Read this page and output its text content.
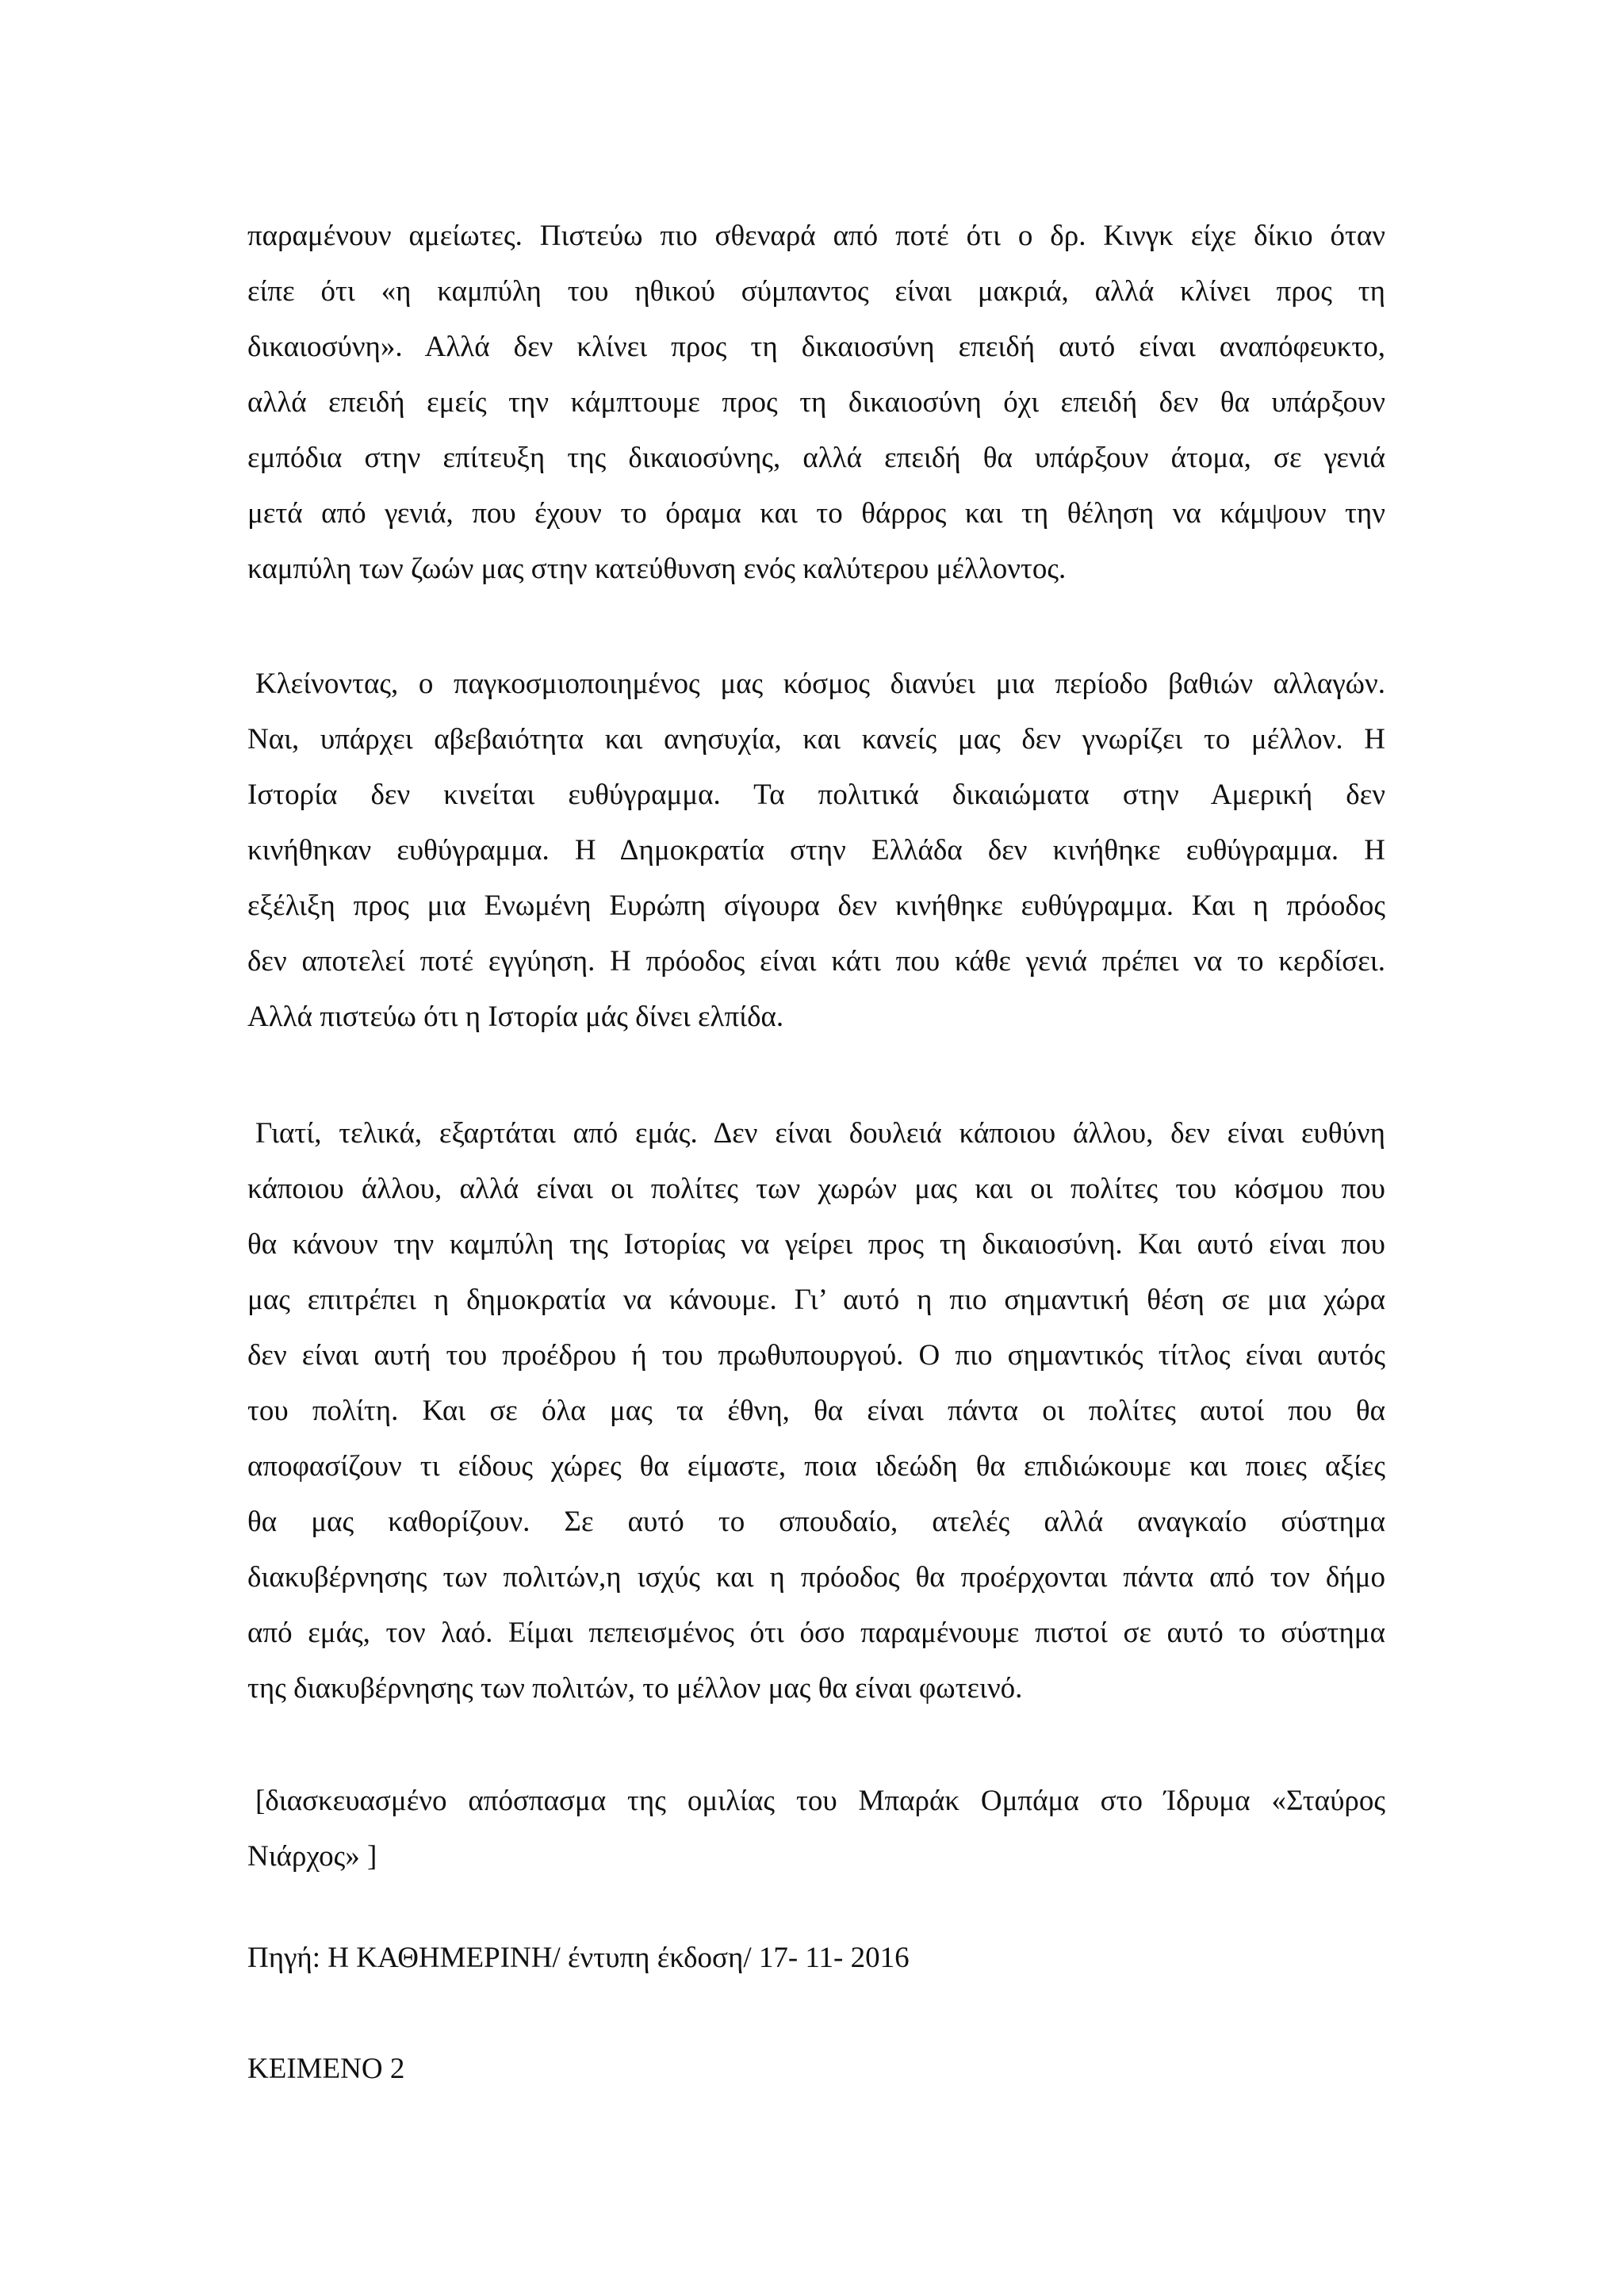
παραμένουν αμείωτες. Πιστεύω πιο σθεναρά από ποτέ ότι ο δρ. Κινγκ είχε δίκιο όταν
είπε ότι «η καμπύλη του ηθικού σύμπαντος είναι μακριά, αλλά κλίνει προς τη
δικαιοσύνη». Αλλά δεν κλίνει προς τη δικαιοσύνη επειδή αυτό είναι αναπόφευκτο,
αλλά επειδή εμείς την κάμπτουμε προς τη δικαιοσύνη όχι επειδή δεν θα υπάρξουν
εμπόδια στην επίτευξη της δικαιοσύνης, αλλά επειδή θα υπάρξουν άτομα, σε γενιά
μετά από γενιά, που έχουν το όραμα και το θάρρος και τη θέληση να κάμψουν την
καμπύλη των ζωών μας στην κατεύθυνση ενός καλύτερου μέλλοντος.
Κλείνοντας, ο παγκοσμιοποιημένος μας κόσμος διανύει μια περίοδο βαθιών αλλαγών.
Ναι, υπάρχει αβεβαιότητα και ανησυχία, και κανείς μας δεν γνωρίζει το μέλλον. Η
Ιστορία δεν κινείται ευθύγραμμα. Τα πολιτικά δικαιώματα στην Αμερική δεν
κινήθηκαν ευθύγραμμα. Η Δημοκρατία στην Ελλάδα δεν κινήθηκε ευθύγραμμα. Η
εξέλιξη προς μια Ενωμένη Ευρώπη σίγουρα δεν κινήθηκε ευθύγραμμα. Και η πρόοδος
δεν αποτελεί ποτέ εγγύηση. Η πρόοδος είναι κάτι που κάθε γενιά πρέπει να το κερδίσει.
Αλλά πιστεύω ότι η Ιστορία μάς δίνει ελπίδα.
Γιατί, τελικά, εξαρτάται από εμάς. Δεν είναι δουλειά κάποιου άλλου, δεν είναι ευθύνη
κάποιου άλλου, αλλά είναι οι πολίτες των χωρών μας και οι πολίτες του κόσμου που
θα κάνουν την καμπύλη της Ιστορίας να γείρει προς τη δικαιοσύνη. Και αυτό είναι που
μας επιτρέπει η δημοκρατία να κάνουμε. Γι’ αυτό η πιο σημαντική θέση σε μια χώρα
δεν είναι αυτή του προέδρου ή του πρωθυπουργού. Ο πιο σημαντικός τίτλος είναι αυτός
του πολίτη. Και σε όλα μας τα έθνη, θα είναι πάντα οι πολίτες αυτοί που θα
αποφασίζουν τι είδους χώρες θα είμαστε, ποια ιδεώδη θα επιδιώκουμε και ποιες αξίες
θα μας καθορίζουν. Σε αυτό το σπουδαίο, ατελές αλλά αναγκαίο σύστημα
διακυβέρνησης των πολιτών,η ισχύς και η πρόοδος θα προέρχονται πάντα από τον δήμο
από εμάς, τον λαό. Είμαι πεπεισμένος ότι όσο παραμένουμε πιστοί σε αυτό το σύστημα
της διακυβέρνησης των πολιτών, το μέλλον μας θα είναι φωτεινό.
[διασκευασμένο απόσπασμα της ομιλίας του Μπαράκ Ομπάμα στο Ίδρυμα «Σταύρος
Νιάρχος» ]
Πηγή: Η ΚΑΘΗΜΕΡΙΝΗ/ έντυπη έκδοση/ 17- 11- 2016
ΚΕΙΜΕΝΟ 2
